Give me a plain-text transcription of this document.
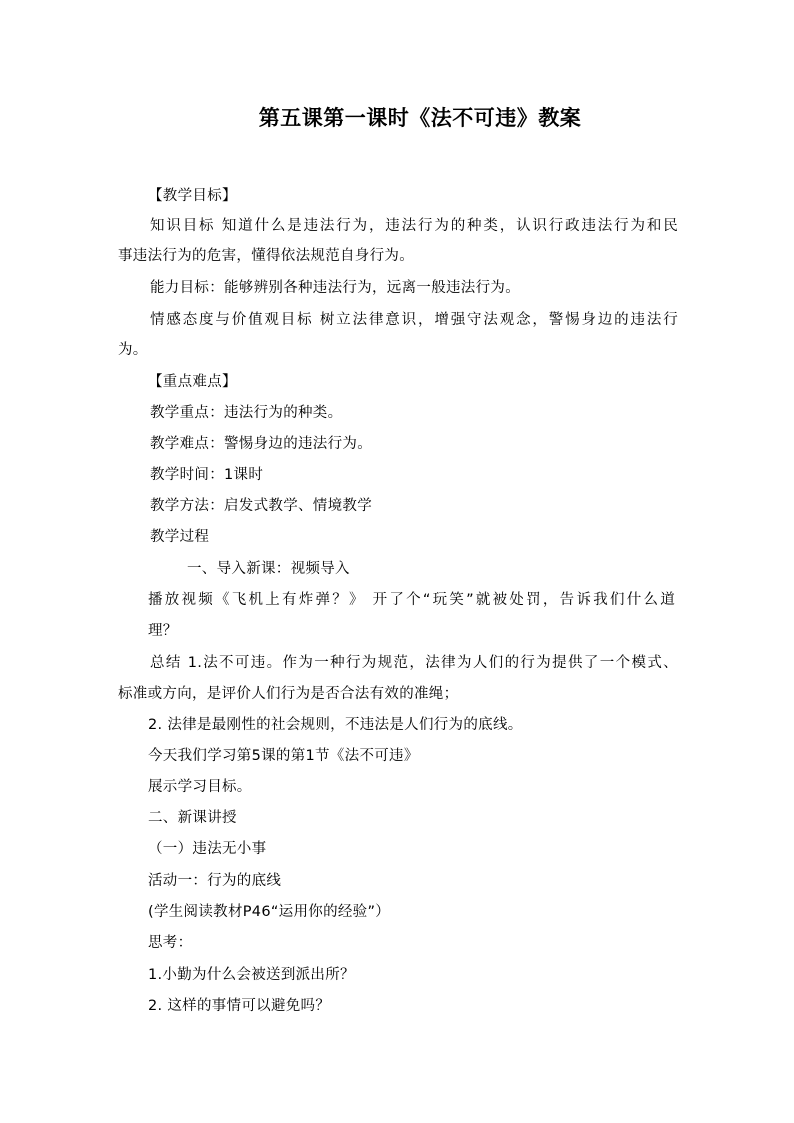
第五课第一课时《法不可违》教案
【教学目标】
知识目标 知道什么是违法行为，违法行为的种类，认识行政违法行为和民
事违法行为的危害，懂得依法规范自身行为。
能力目标：能够辨别各种违法行为，远离一般违法行为。
情感态度与价值观目标 树立法律意识，增强守法观念，警惕身边的违法行
为。
【重点难点】
教学重点：违法行为的种类。
教学难点：警惕身边的违法行为。
教学时间：1课时
教学方法：启发式教学、情境教学
教学过程
一、导入新课：视频导入
播放视频《飞机上有炸弹？》 开了个“玩笑”就被处罚，告诉我们什么道
理？
总结 1.法不可违。作为一种行为规范，法律为人们的行为提供了一个模式、
标准或方向，是评价人们行为是否合法有效的准绳；
2. 法律是最刚性的社会规则，不违法是人们行为的底线。
今天我们学习第5课的第1节《法不可违》
展示学习目标。
二、新课讲授
（一）违法无小事
活动一：行为的底线
(学生阅读教材P46“运用你的经验”）
思考：
1.小勤为什么会被送到派出所？
2. 这样的事情可以避免吗？
